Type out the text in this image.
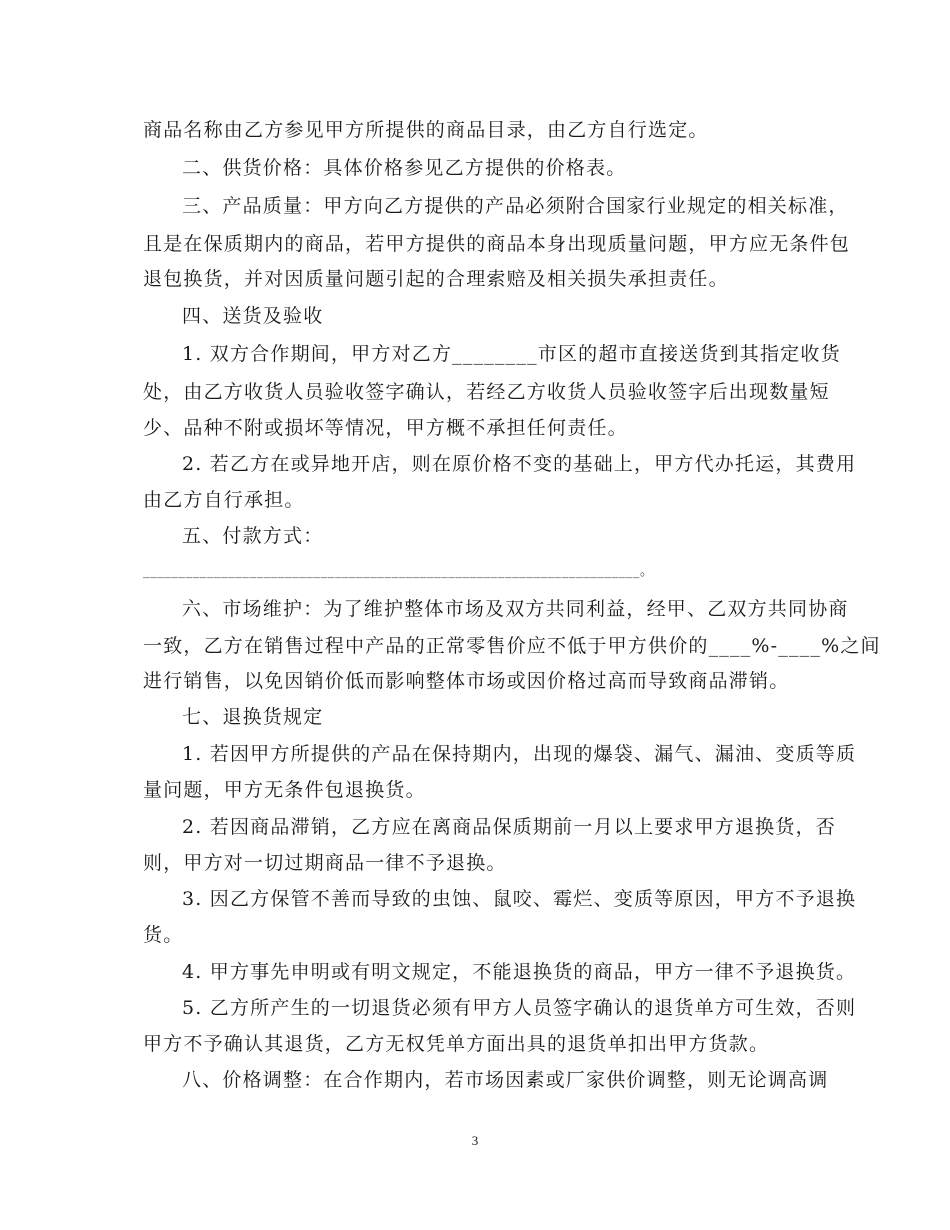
商品名称由乙方参见甲方所提供的商品目录，由乙方自行选定。
二、供货价格：具体价格参见乙方提供的价格表。
三、产品质量：甲方向乙方提供的产品必须附合国家行业规定的相关标准，
且是在保质期内的商品，若甲方提供的商品本身出现质量问题，甲方应无条件包
退包换货，并对因质量问题引起的合理索赔及相关损失承担责任。
四、送货及验收
1. 双方合作期间，甲方对乙方________市区的超市直接送货到其指定收货
处，由乙方收货人员验收签字确认，若经乙方收货人员验收签字后出现数量短
少、品种不附或损坏等情况，甲方概不承担任何责任。
2. 若乙方在或异地开店，则在原价格不变的基础上，甲方代办托运，其费用
由乙方自行承担。
五、付款方式：
______________________________________________________________________。
六、市场维护：为了维护整体市场及双方共同利益，经甲、乙双方共同协商
一致，乙方在销售过程中产品的正常零售价应不低于甲方供价的____%-____%之间
进行销售，以免因销价低而影响整体市场或因价格过高而导致商品滞销。
七、退换货规定
1. 若因甲方所提供的产品在保持期内，出现的爆袋、漏气、漏油、变质等质
量问题，甲方无条件包退换货。
2. 若因商品滞销，乙方应在离商品保质期前一月以上要求甲方退换货，否
则，甲方对一切过期商品一律不予退换。
3. 因乙方保管不善而导致的虫蚀、鼠咬、霉烂、变质等原因，甲方不予退换
货。
4. 甲方事先申明或有明文规定，不能退换货的商品，甲方一律不予退换货。
5. 乙方所产生的一切退货必须有甲方人员签字确认的退货单方可生效，否则
甲方不予确认其退货，乙方无权凭单方面出具的退货单扣出甲方货款。
八、价格调整：在合作期内，若市场因素或厂家供价调整，则无论调高调
3
